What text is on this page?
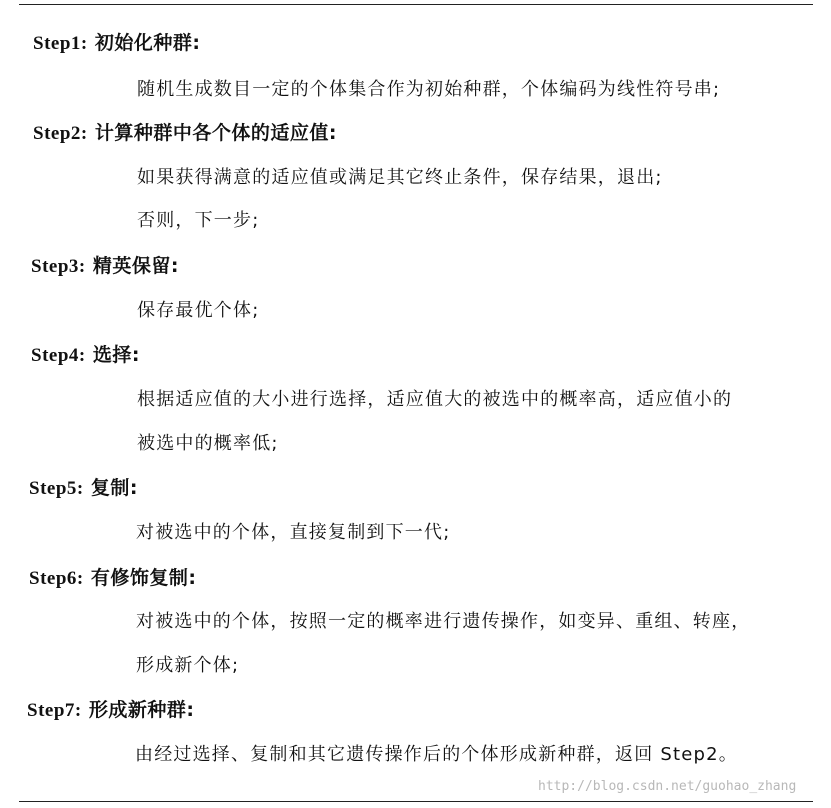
Step1: 初始化种群:
随机生成数目一定的个体集合作为初始种群，个体编码为线性符号串;
Step2: 计算种群中各个体的适应值:
如果获得满意的适应值或满足其它终止条件，保存结果，退出;
否则，下一步;
Step3: 精英保留:
保存最优个体;
Step4: 选择:
根据适应值的大小进行选择，适应值大的被选中的概率高，适应值小的
被选中的概率低;
Step5: 复制:
对被选中的个体，直接复制到下一代;
Step6: 有修饰复制:
对被选中的个体，按照一定的概率进行遗传操作，如变异、重组、转座，
形成新个体;
Step7: 形成新种群:
由经过选择、复制和其它遗传操作后的个体形成新种群，返回 Step2。
http://blog.csdn.net/guohao_zhang
